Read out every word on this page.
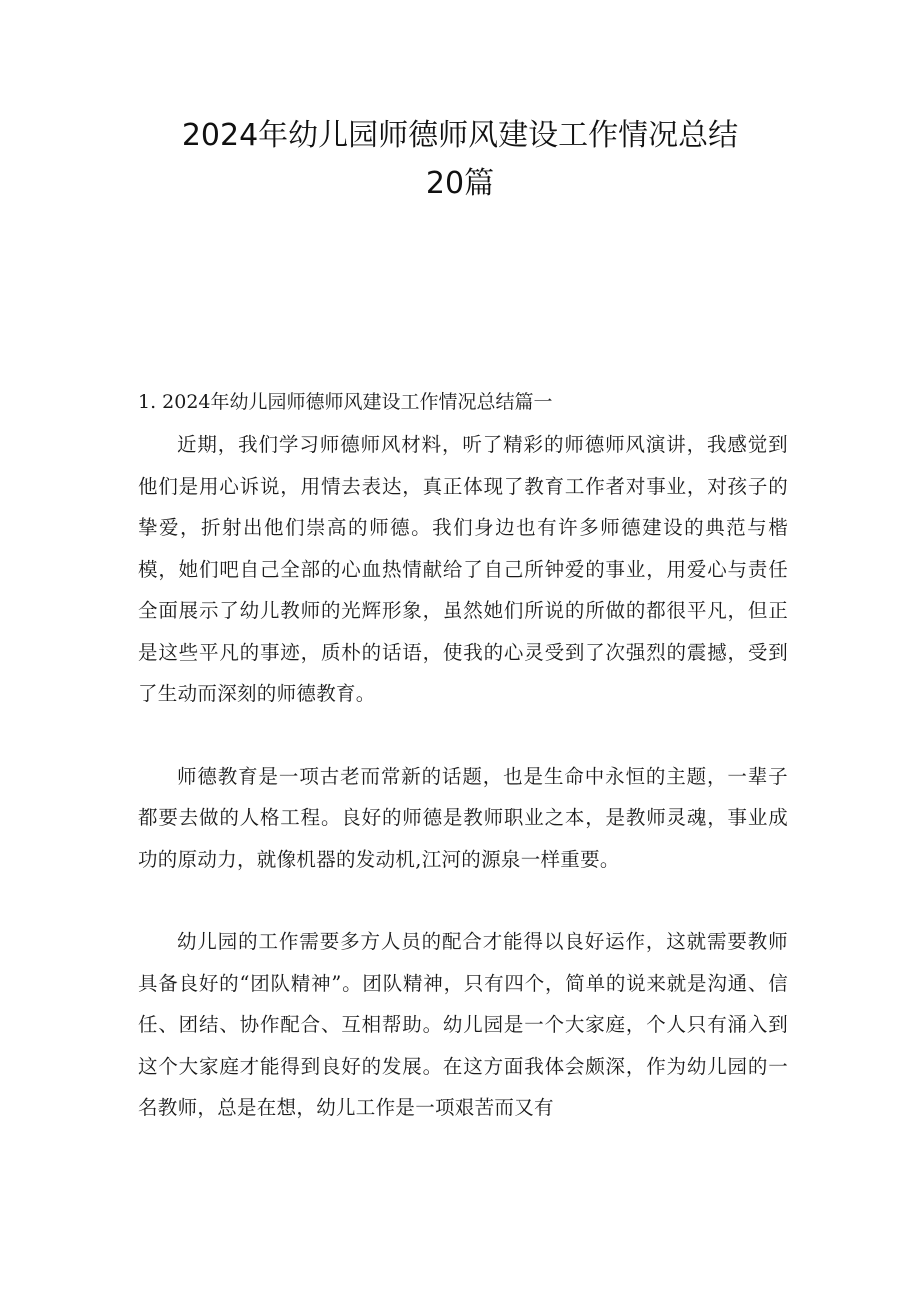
2024年幼儿园师德师风建设工作情况总结
20篇

1. 2024年幼儿园师德师风建设工作情况总结篇一

近期，我们学习师德师风材料，听了精彩的师德师风演讲，我感觉到他们是用心诉说，用情去表达，真正体现了教育工作者对事业，对孩子的挚爱，折射出他们崇高的师德。我们身边也有许多师德建设的典范与楷模，她们吧自己全部的心血热情献给了自己所钟爱的事业，用爱心与责任全面展示了幼儿教师的光辉形象，虽然她们所说的所做的都很平凡，但正是这些平凡的事迹，质朴的话语，使我的心灵受到了次强烈的震撼，受到了生动而深刻的师德教育。

师德教育是一项古老而常新的话题，也是生命中永恒的主题，一辈子都要去做的人格工程。良好的师德是教师职业之本，是教师灵魂，事业成功的原动力，就像机器的发动机,江河的源泉一样重要。

幼儿园的工作需要多方人员的配合才能得以良好运作，这就需要教师具备良好的“团队精神”。团队精神，只有四个，简单的说来就是沟通、信任、团结、协作配合、互相帮助。幼儿园是一个大家庭，个人只有涌入到这个大家庭才能得到良好的发展。在这方面我体会颇深，作为幼儿园的一名教师，总是在想，幼儿工作是一项艰苦而又有
